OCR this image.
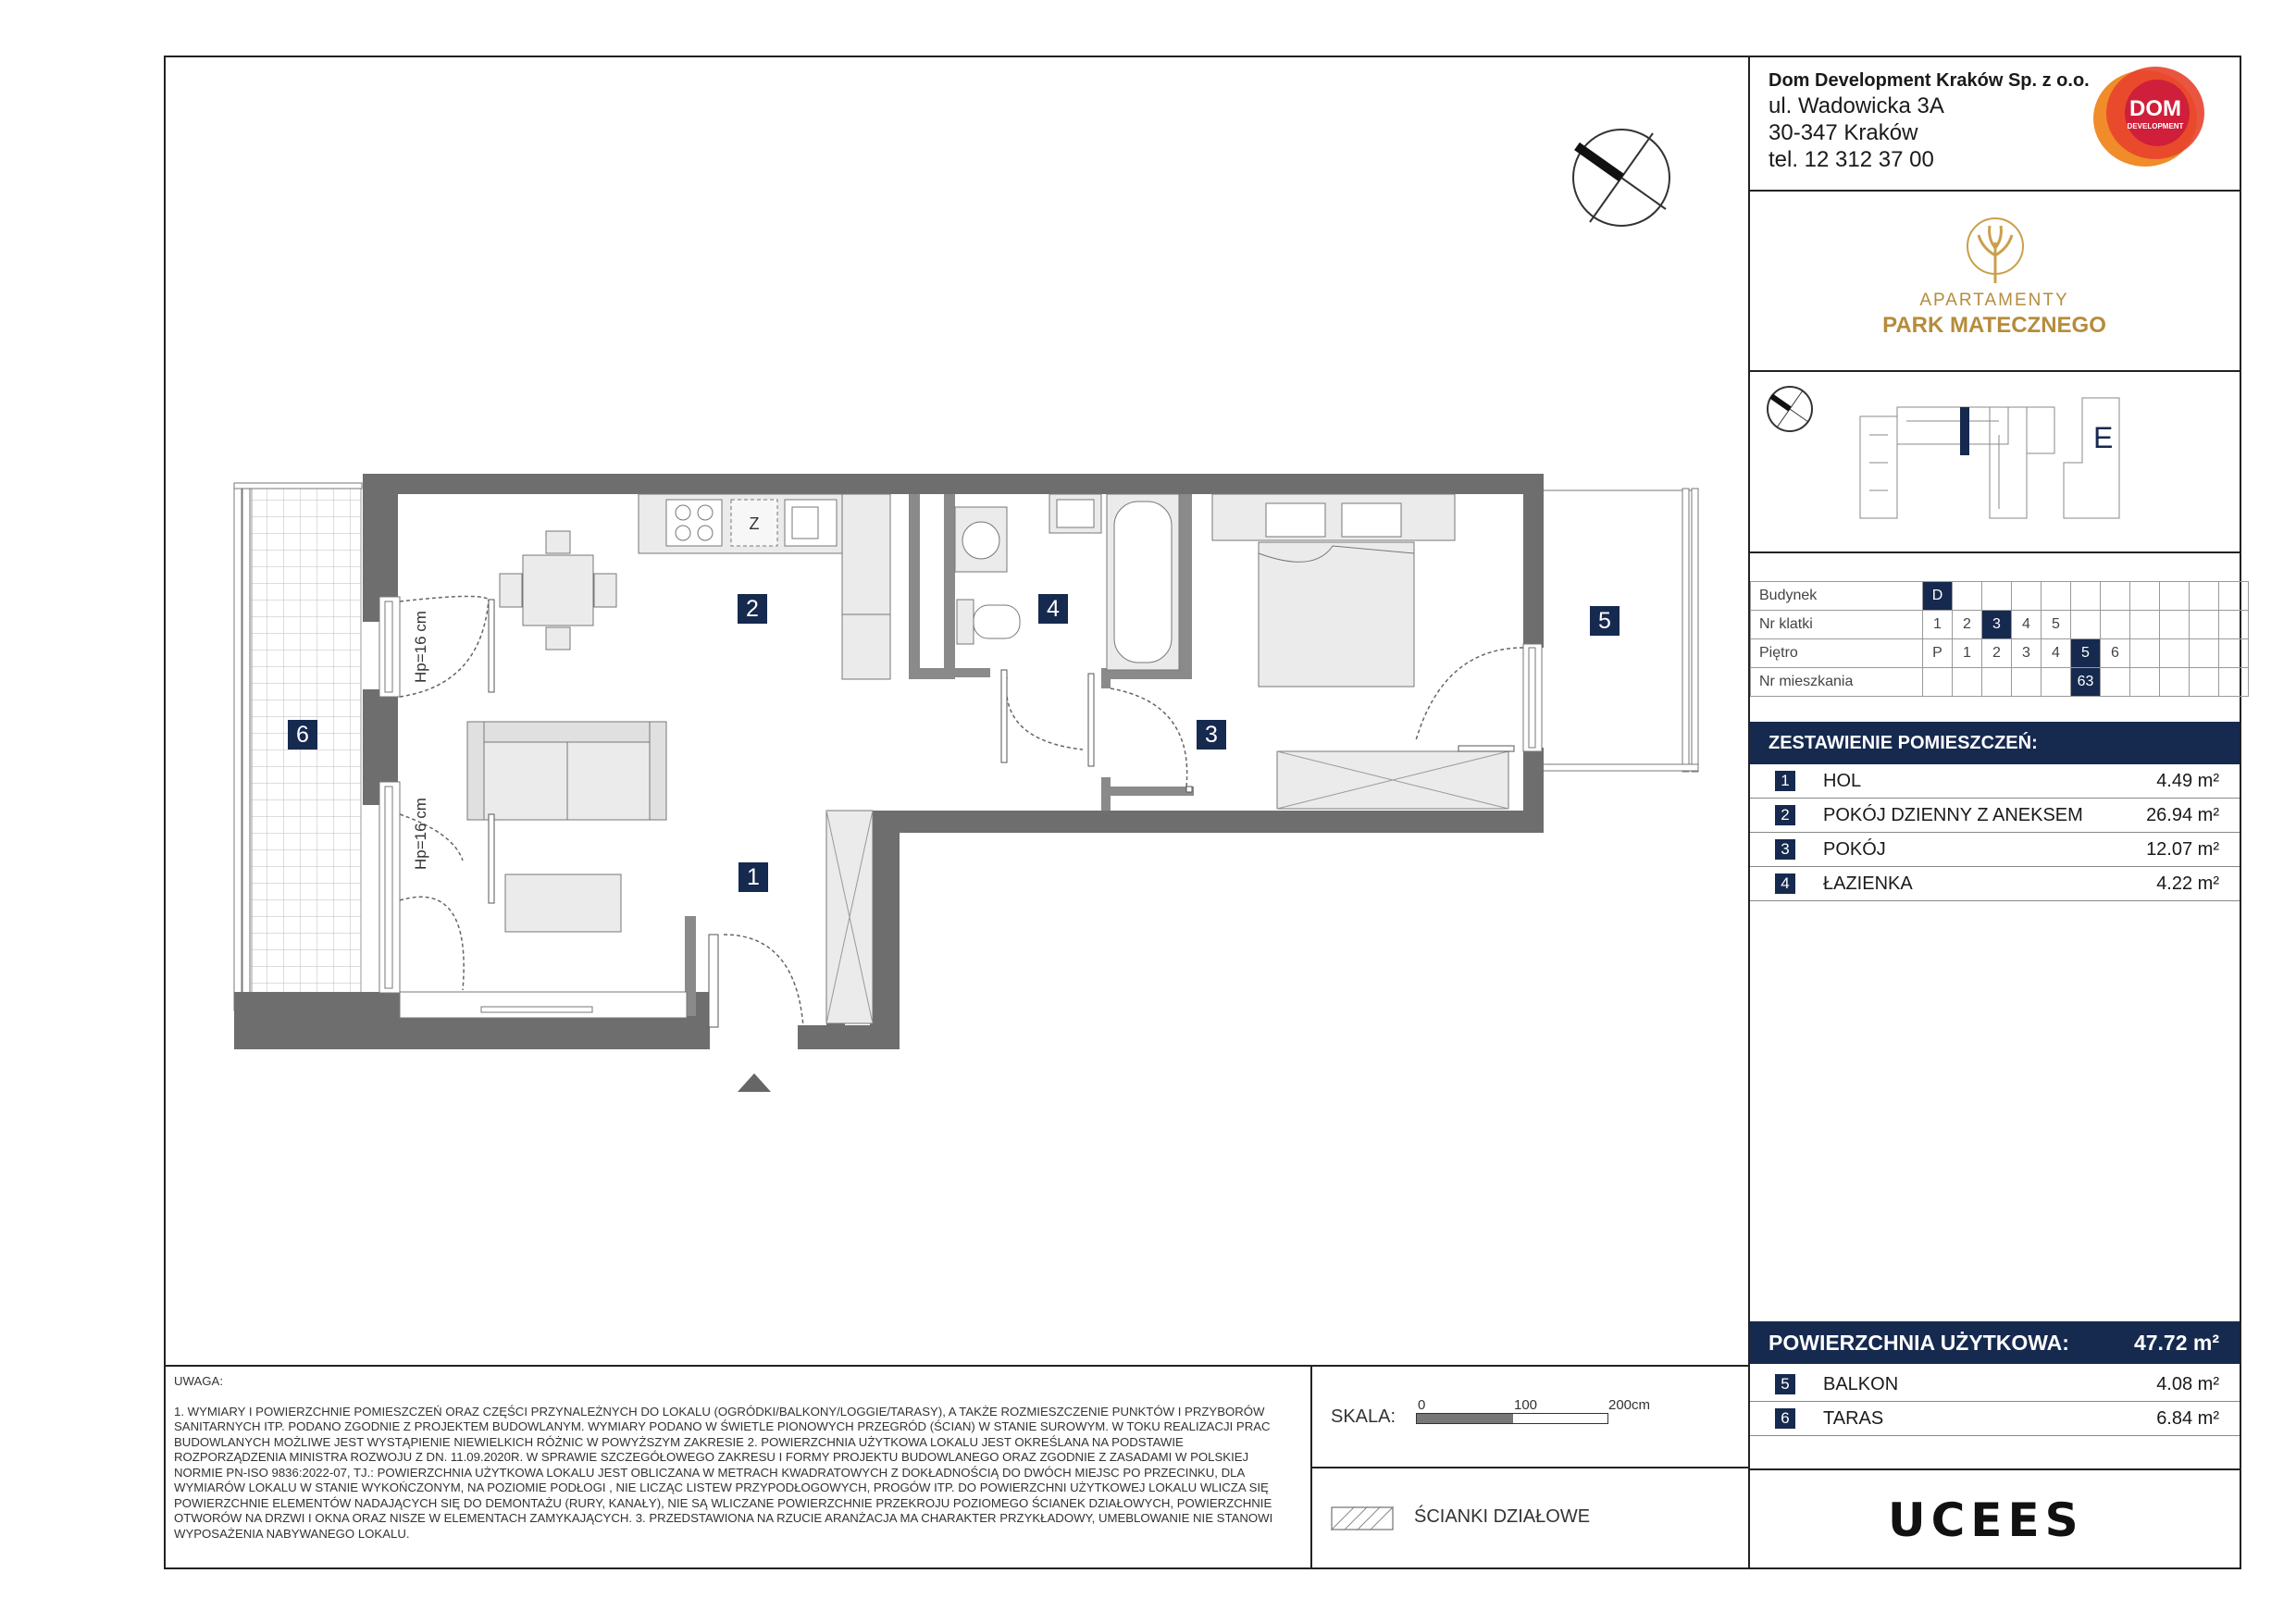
Z
Hp=16 cm
Hp=16 cm
1
2
3
4	5
6
Dom Development Kraków Sp. z o.o.
ul. Wadowicka 3A
30-347 Kraków
tel. 12 312 37 00
DOM
DEVELOPMENT
APARTAMENTY
PARK MATECZNEGO
E
Budynek	D										
Nr klatki	1	2	3	4	5						
Piętro	P	1	2	3	4	5	6				
Nr mieszkania						63					
ZESTAWIENIE POMIESZCZEŃ:
1	HOL	4.49 m²
2	POKÓJ DZIENNY Z ANEKSEM	26.94 m²
3	POKÓJ	12.07 m²
4	ŁAZIENKA	4.22 m²
POWIERZCHNIA UŻYTKOWA:	47.72 m²
5	BALKON	4.08 m²
6	TARAS	6.84 m²
UCEES
UWAGA:
1. WYMIARY I POWIERZCHNIE POMIESZCZEŃ ORAZ CZĘŚCI PRZYNALEŻNYCH DO LOKALU (OGRÓDKI/BALKONY/LOGGIE/TARASY), A TAKŻE ROZMIESZCZENIE PUNKTÓW I PRZYBORÓW SANITARNYCH ITP. PODANO ZGODNIE Z PROJEKTEM BUDOWLANYM. WYMIARY PODANO W ŚWIETLE PIONOWYCH PRZEGRÓD (ŚCIAN) W STANIE SUROWYM. W TOKU REALIZACJI PRAC BUDOWLANYCH MOŻLIWE JEST WYSTĄPIENIE NIEWIELKICH RÓŻNIC W POWYŻSZYM ZAKRESIE 2. POWIERZCHNIA UŻYTKOWA LOKALU JEST OKREŚLANA NA PODSTAWIE ROZPORZĄDZENIA MINISTRA ROZWOJU Z DN. 11.09.2020R. W SPRAWIE SZCZEGÓŁOWEGO ZAKRESU I FORMY PROJEKTU BUDOWLANEGO ORAZ ZGODNIE Z ZASADAMI W POLSKIEJ NORMIE PN-ISO 9836:2022-07, TJ.: POWIERZCHNIA UŻYTKOWA LOKALU JEST OBLICZANA W METRACH KWADRATOWYCH Z DOKŁADNOŚCIĄ DO DWÓCH MIEJSC PO PRZECINKU, DLA WYMIARÓW LOKALU W STANIE WYKOŃCZONYM, NA POZIOMIE PODŁOGI , NIE LICZĄC LISTEW PRZYPODŁOGOWYCH, PROGÓW ITP. DO POWIERZCHNI UŻYTKOWEJ LOKALU WLICZA SIĘ POWIERZCHNIE ELEMENTÓW NADAJĄCYCH SIĘ DO DEMONTAŻU (RURY, KANAŁY), NIE SĄ WLICZANE POWIERZCHNIE PRZEKROJU POZIOMEGO ŚCIANEK DZIAŁOWYCH, POWIERZCHNIE OTWORÓW NA DRZWI I OKNA ORAZ NISZE W ELEMENTACH ZAMYKAJĄCYCH. 3. PRZEDSTAWIONA NA RZUCIE ARANŻACJA MA CHARAKTER PRZYKŁADOWY, UMEBLOWANIE NIE STANOWI WYPOSAŻENIA NABYWANEGO LOKALU.
SKALA:
0	100	200cm
ŚCIANKI DZIAŁOWE
